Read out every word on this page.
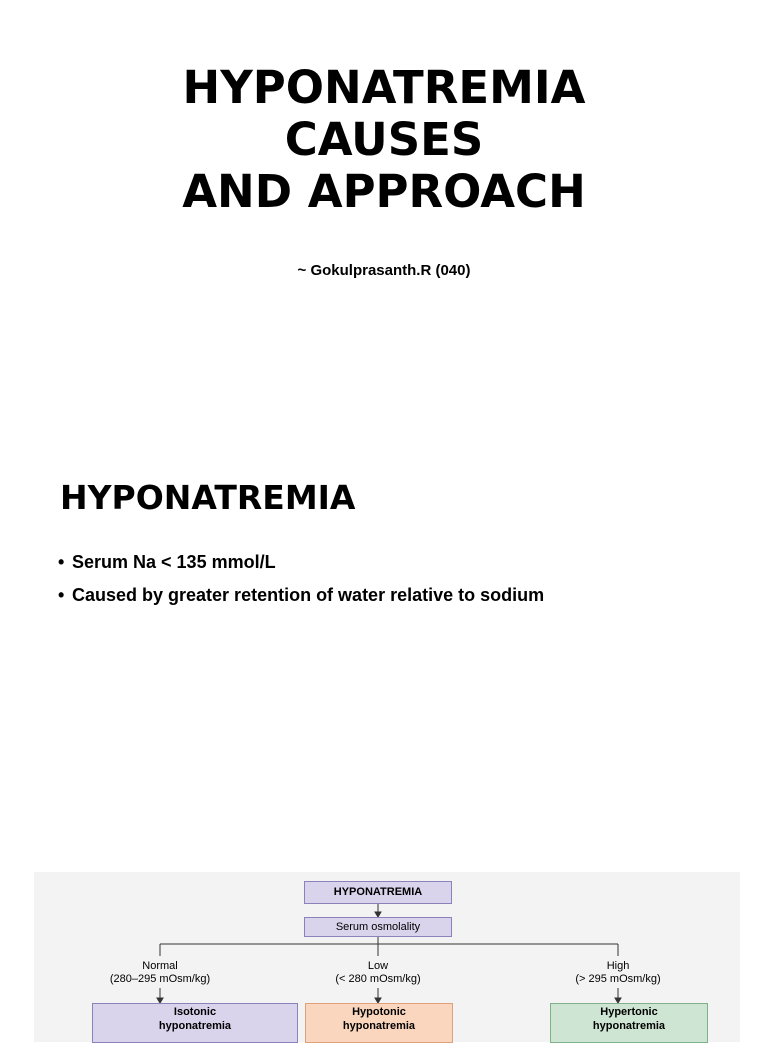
HYPONATREMIA
CAUSES
AND APPROACH
~ Gokulprasanth.R (040)
HYPONATREMIA
• Serum Na < 135 mmol/L
• Caused by greater retention of water relative to sodium
HYPONATREMIA
Serum osmolality
Normal
(280–295 mOsm/kg)
Low
(< 280 mOsm/kg)
High
(> 295 mOsm/kg)
Isotonic
hyponatremia
Hypotonic
hyponatremia
Hypertonic
hyponatremia
